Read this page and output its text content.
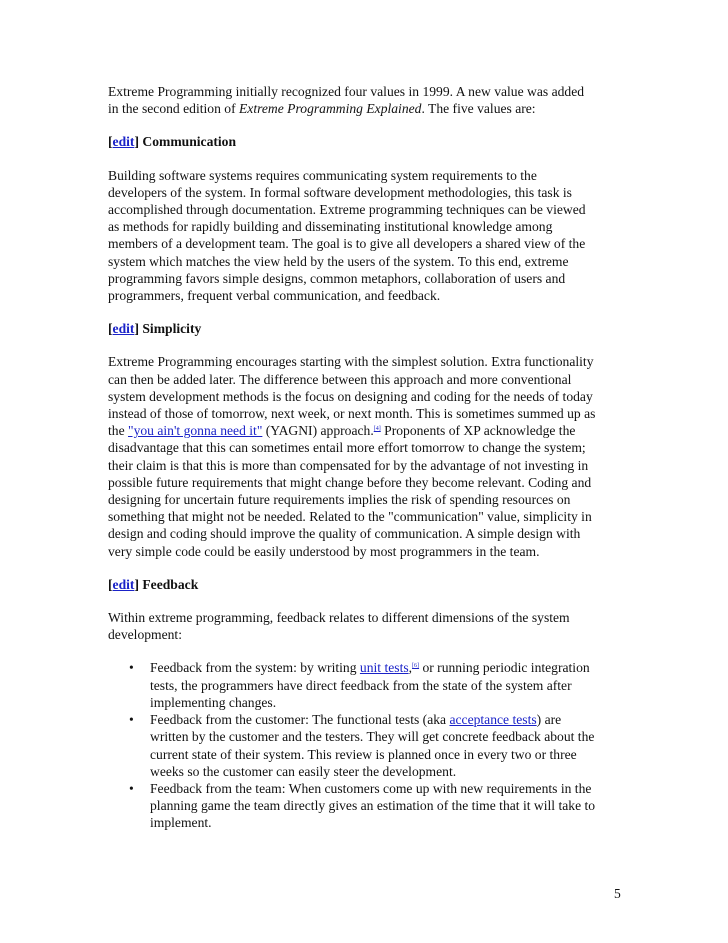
Extreme Programming initially recognized four values in 1999. A new value was added
in the second edition of Extreme Programming Explained. The five values are:
[edit] Communication
Building software systems requires communicating system requirements to the
developers of the system. In formal software development methodologies, this task is
accomplished through documentation. Extreme programming techniques can be viewed
as methods for rapidly building and disseminating institutional knowledge among
members of a development team. The goal is to give all developers a shared view of the
system which matches the view held by the users of the system. To this end, extreme
programming favors simple designs, common metaphors, collaboration of users and
programmers, frequent verbal communication, and feedback.
[edit] Simplicity
Extreme Programming encourages starting with the simplest solution. Extra functionality
can then be added later. The difference between this approach and more conventional
system development methods is the focus on designing and coding for the needs of today
instead of those of tomorrow, next week, or next month. This is sometimes summed up as
the "you ain't gonna need it" (YAGNI) approach.[4] Proponents of XP acknowledge the
disadvantage that this can sometimes entail more effort tomorrow to change the system;
their claim is that this is more than compensated for by the advantage of not investing in
possible future requirements that might change before they become relevant. Coding and
designing for uncertain future requirements implies the risk of spending resources on
something that might not be needed. Related to the "communication" value, simplicity in
design and coding should improve the quality of communication. A simple design with
very simple code could be easily understood by most programmers in the team.
[edit] Feedback
Within extreme programming, feedback relates to different dimensions of the system
development:
• Feedback from the system: by writing unit tests,[6] or running periodic integration
tests, the programmers have direct feedback from the state of the system after
implementing changes.
• Feedback from the customer: The functional tests (aka acceptance tests) are
written by the customer and the testers. They will get concrete feedback about the
current state of their system. This review is planned once in every two or three
weeks so the customer can easily steer the development.
• Feedback from the team: When customers come up with new requirements in the
planning game the team directly gives an estimation of the time that it will take to
implement.
5
